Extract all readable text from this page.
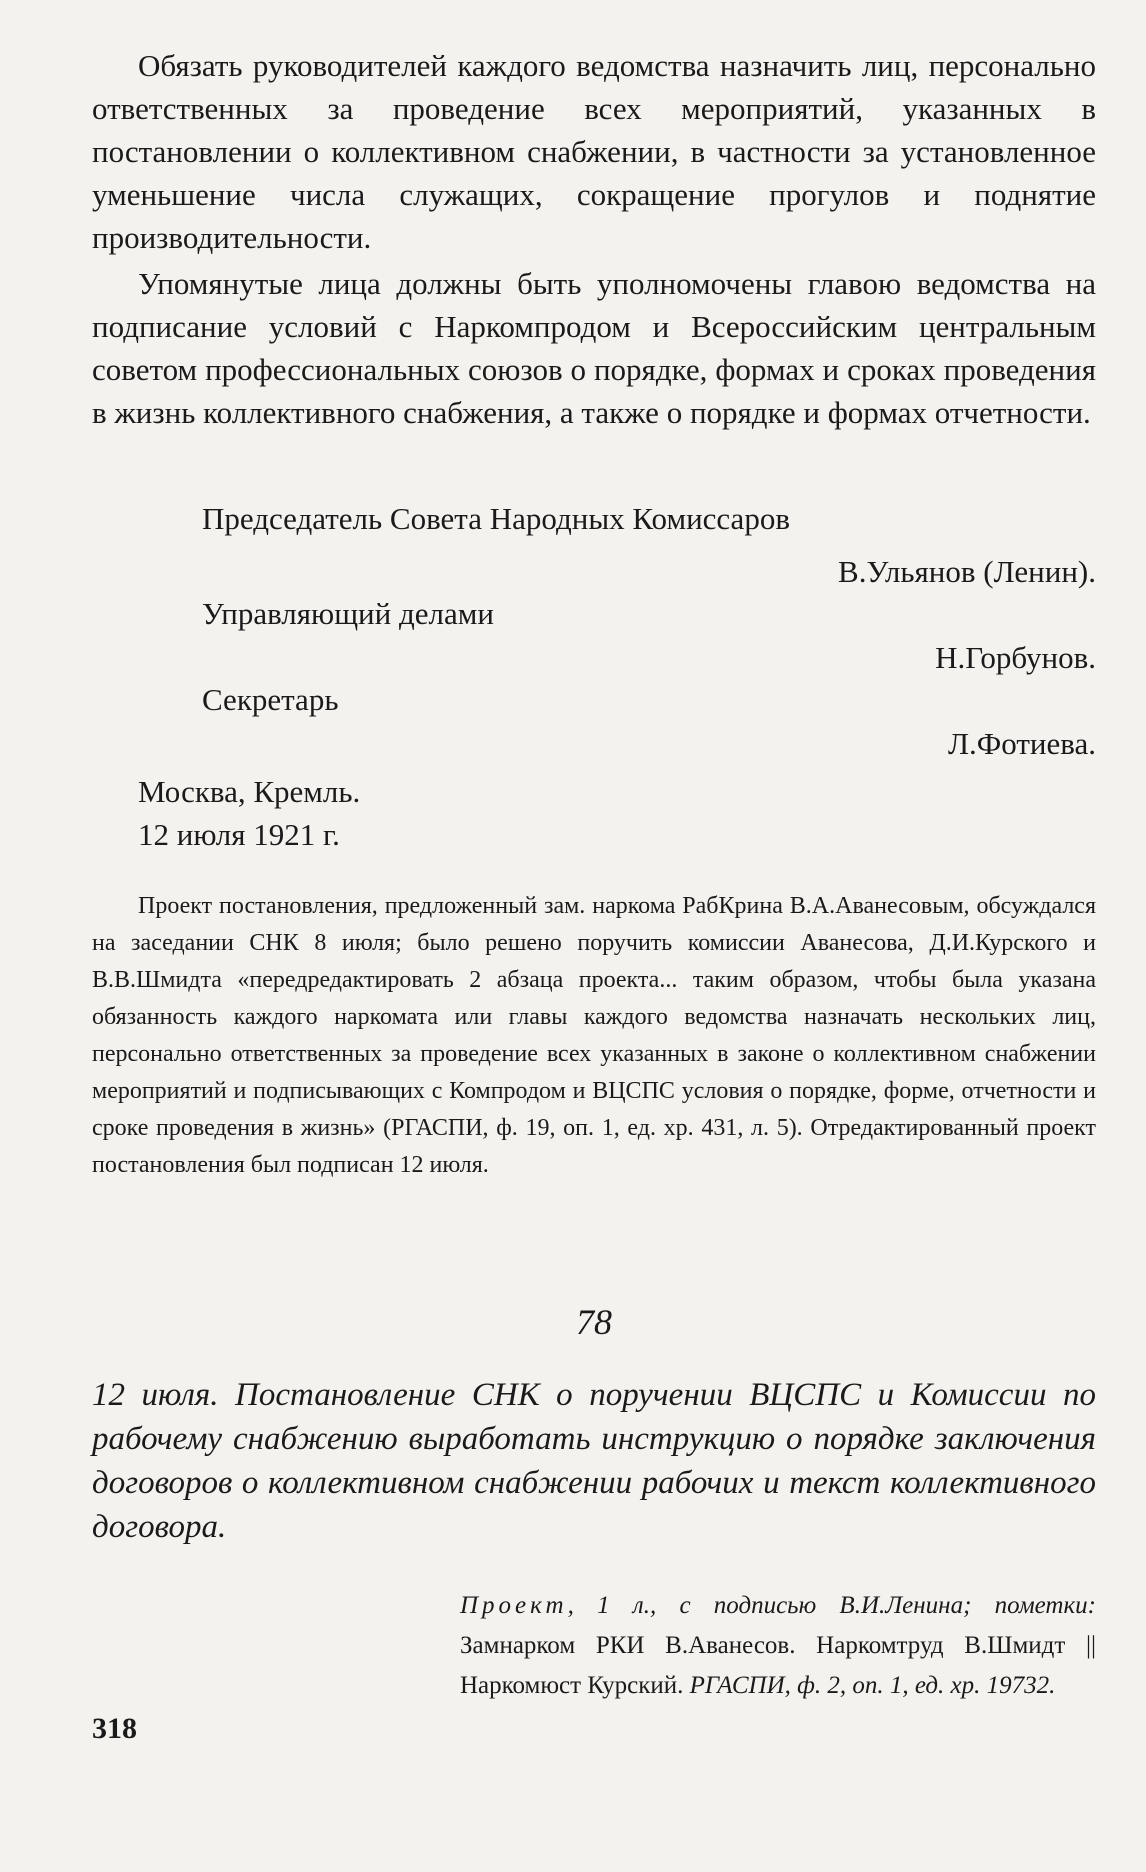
Обязать руководителей каждого ведомства назначить лиц, персонально ответственных за проведение всех мероприятий, указанных в постановлении о коллективном снабжении, в частности за установленное уменьшение числа служащих, сокращение прогулов и поднятие производительности.

Упомянутые лица должны быть уполномочены главою ведомства на подписание условий с Наркомпродом и Всероссийским центральным советом профессиональных союзов о порядке, формах и сроках проведения в жизнь коллективного снабжения, а также о порядке и формах отчетности.

Председатель Совета Народных Комиссаров
В.Ульянов (Ленин).
Управляющий делами
Н.Горбунов.
Секретарь
Л.Фотиева.
Москва, Кремль.
12 июля 1921 г.

Проект постановления, предложенный зам. наркома РабКрина В.А.Аванесовым, обсуждался на заседании СНК 8 июля; было решено поручить комиссии Аванесова, Д.И.Курского и В.В.Шмидта «передредактировать 2 абзаца проекта... таким образом, чтобы была указана обязанность каждого наркомата или главы каждого ведомства назначать нескольких лиц, персонально ответственных за проведение всех указанных в законе о коллективном снабжении мероприятий и подписывающих с Компродом и ВЦСПС условия о порядке, форме, отчетности и сроке проведения в жизнь» (РГАСПИ, ф. 19, оп. 1, ед. хр. 431, л. 5). Отредактированный проект постановления был подписан 12 июля.

78

12 июля. Постановление СНК о поручении ВЦСПС и Комиссии по рабочему снабжению выработать инструкцию о порядке заключения договоров о коллективном снабжении рабочих и текст коллективного договора.

Проект, 1 л., с подписью В.И.Ленина; пометки: Замнарком РКИ В.Аванесов. Наркомтруд В.Шмидт || Наркомюст Курский. РГАСПИ, ф. 2, оп. 1, ед. хр. 19732.

318
